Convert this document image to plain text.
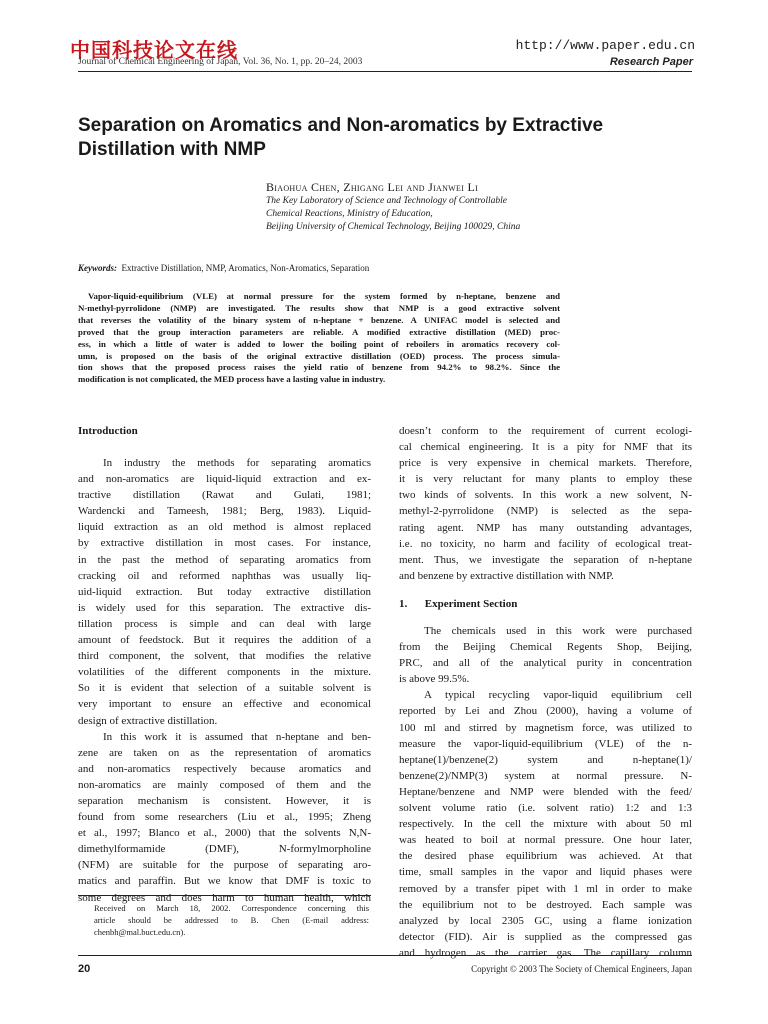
中国科技论文在线	http://www.paper.edu.cn
Journal of Chemical Engineering of Japan, Vol. 36, No. 1, pp. 20–24, 2003	Research Paper
Separation on Aromatics and Non-aromatics by Extractive
Distillation with NMP
Biaohua Chen, Zhigang Lei and Jianwei Li
The Key Laboratory of Science and Technology of Controllable
Chemical Reactions, Ministry of Education,
Beijing University of Chemical Technology, Beijing 100029, China
Keywords: Extractive Distillation, NMP, Aromatics, Non-Aromatics, Separation
Vapor-liquid-equilibrium (VLE) at normal pressure for the system formed by n-heptane, benzene and
N-methyl-pyrrolidone (NMP) are investigated. The results show that NMP is a good extractive solvent
that reverses the volatility of the binary system of n-heptane + benzene. A UNIFAC model is selected and
proved that the group interaction parameters are reliable. A modified extractive distillation (MED) proc-
ess, in which a little of water is added to lower the boiling point of reboilers in aromatics recovery col-
umn, is proposed on the basis of the original extractive distillation (OED) process. The process simula-
tion shows that the proposed process raises the yield ratio of benzene from 94.2% to 98.2%. Since the
modification is not complicated, the MED process have a lasting value in industry.
Introduction
In industry the methods for separating aromatics
and non-aromatics are liquid-liquid extraction and ex-
tractive distillation (Rawat and Gulati, 1981;
Wardencki and Tameesh, 1981; Berg, 1983). Liquid-
liquid extraction as an old method is almost replaced
by extractive distillation in most cases. For instance,
in the past the method of separating aromatics from
cracking oil and reformed naphthas was usually liq-
uid-liquid extraction. But today extractive distillation
is widely used for this separation. The extractive dis-
tillation process is simple and can deal with large
amount of feedstock. But it requires the addition of a
third component, the solvent, that modifies the relative
volatilities of the different components in the mixture.
So it is evident that selection of a suitable solvent is
very important to ensure an effective and economical
design of extractive distillation.
In this work it is assumed that n-heptane and ben-
zene are taken on as the representation of aromatics
and non-aromatics respectively because aromatics and
non-aromatics are mainly composed of them and the
separation mechanism is consistent. However, it is
found from some researchers (Liu et al., 1995; Zheng
et al., 1997; Blanco et al., 2000) that the solvents N,N-
dimethylformamide (DMF), N-formylmorpholine
(NFM) are suitable for the purpose of separating aro-
matics and paraffin. But we know that DMF is toxic to
some degrees and does harm to human health, which
Received on March 18, 2002. Correspondence concerning this
article should be addressed to B. Chen (E-mail address:
chenbh@mal.buct.edu.cn).
doesn’t conform to the requirement of current ecologi-
cal chemical engineering. It is a pity for NMF that its
price is very expensive in chemical markets. Therefore,
it is very reluctant for many plants to employ these
two kinds of solvents. In this work a new solvent, N-
methyl-2-pyrrolidone (NMP) is selected as the sepa-
rating agent. NMP has many outstanding advantages,
i.e. no toxicity, no harm and facility of ecological treat-
ment. Thus, we investigate the separation of n-heptane
and benzene by extractive distillation with NMP.
1. Experiment Section
The chemicals used in this work were purchased
from the Beijing Chemical Regents Shop, Beijing,
PRC, and all of the analytical purity in concentration
is above 99.5%.
A typical recycling vapor-liquid equilibrium cell
reported by Lei and Zhou (2000), having a volume of
100 ml and stirred by magnetism force, was utilized to
measure the vapor-liquid-equilibrium (VLE) of the n-
heptane(1)/benzene(2) system and n-heptane(1)/
benzene(2)/NMP(3) system at normal pressure. N-
Heptane/benzene and NMP were blended with the feed/
solvent volume ratio (i.e. solvent ratio) 1:2 and 1:3
respectively. In the cell the mixture with about 50 ml
was heated to boil at normal pressure. One hour later,
the desired phase equilibrium was achieved. At that
time, small samples in the vapor and liquid phases were
removed by a transfer pipet with 1 ml in order to make
the equilibrium not to be destroyed. Each sample was
analyzed by local 2305 GC, using a flame ionization
detector (FID). Air is supplied as the compressed gas
and hydrogen as the carrier gas. The capillary column
20	Copyright © 2003 The Society of Chemical Engineers, Japan
